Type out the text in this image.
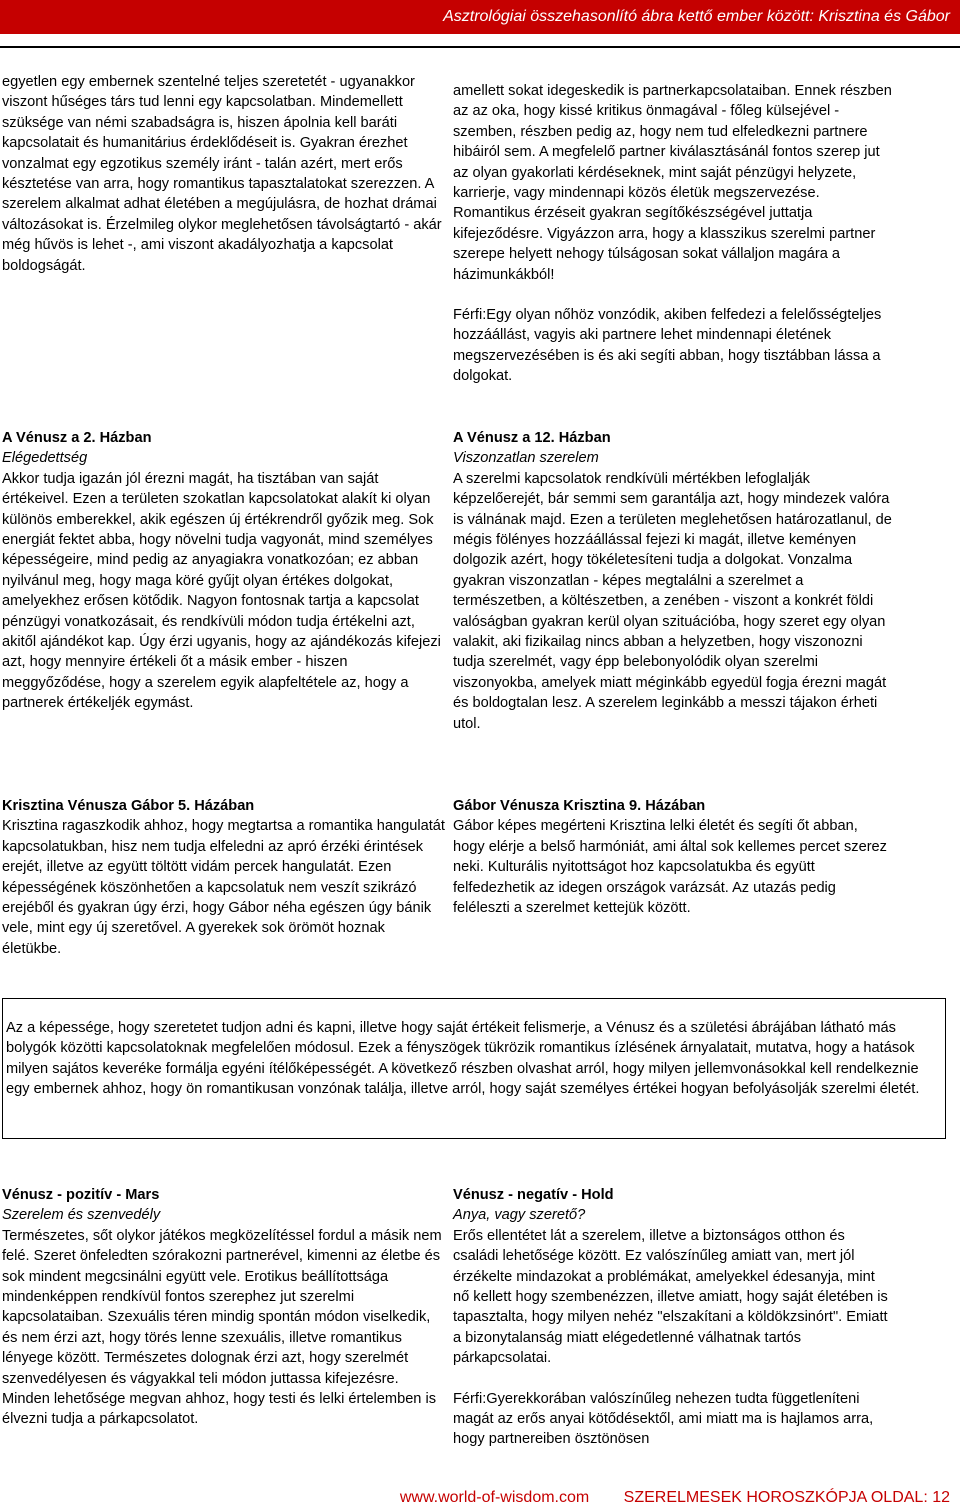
Asztrológiai összehasonlító ábra kettő ember között: Krisztina és Gábor

egyetlen egy embernek szentelné teljes szeretetét - ugyanakkor viszont hűséges társ tud lenni egy kapcsolatban. Mindemellett szüksége van némi szabadságra is, hiszen ápolnia kell baráti kapcsolatait és humanitárius érdeklődéseit is. Gyakran érezhet vonzalmat egy egzotikus személy iránt - talán azért, mert erős késztetése van arra, hogy romantikus tapasztalatokat szerezzen. A szerelem alkalmat adhat életében a megújulásra, de hozhat drámai változásokat is. Érzelmileg olykor meglehetősen távolságtartó - akár még hűvös is lehet -, ami viszont akadályozhatja a kapcsolat boldogságát.

A Vénusz a 2. Házban

Elégedettség

Akkor tudja igazán jól érezni magát, ha tisztában van saját értékeivel. Ezen a területen szokatlan kapcsolatokat alakít ki olyan különös emberekkel, akik egészen új értékrendről győzik meg. Sok energiát fektet abba, hogy növelni tudja vagyonát, mind személyes képességeire, mind pedig az anyagiakra vonatkozóan; ez abban nyilvánul meg, hogy maga köré gyűjt olyan értékes dolgokat, amelyekhez erősen kötődik. Nagyon fontosnak tartja a kapcsolat pénzügyi vonatkozásait, és rendkívüli módon tudja értékelni azt, akitől ajándékot kap. Úgy érzi ugyanis, hogy az ajándékozás kifejezi azt, hogy mennyire értékeli őt a másik ember - hiszen meggyőződése, hogy a szerelem egyik alapfeltétele az, hogy a partnerek értékeljék egymást.

Krisztina Vénusza Gábor 5. Házában

Krisztina ragaszkodik ahhoz, hogy megtartsa a romantika hangulatát kapcsolatukban, hisz nem tudja elfeledni az apró érzéki érintések erejét, illetve az együtt töltött vidám percek hangulatát. Ezen képességének köszönhetően a kapcsolatuk nem veszít szikrázó erejéből és gyakran úgy érzi, hogy Gábor néha egészen úgy bánik vele, mint egy új szeretővel. A gyerekek sok örömöt hoznak életükbe.

amellett sokat idegeskedik is partnerkapcsolataiban. Ennek részben az az oka, hogy kissé kritikus önmagával - főleg külsejével - szemben, részben pedig az, hogy nem tud elfeledkezni partnere hibáiról sem. A megfelelő partner kiválasztásánál fontos szerep jut az olyan gyakorlati kérdéseknek, mint saját pénzügyi helyzete, karrierje, vagy mindennapi közös életük megszervezése. Romantikus érzéseit gyakran segítőkészségével juttatja kifejeződésre. Vigyázzon arra, hogy a klasszikus szerelmi partner szerepe helyett nehogy túlságosan sokat vállaljon magára a házimunkákból!

Férfi:Egy olyan nőhöz vonzódik, akiben felfedezi a felelősségteljes hozzáállást, vagyis aki partnere lehet mindennapi életének megszervezésében is és aki segíti abban, hogy tisztábban lássa a dolgokat.

A Vénusz a 12. Házban

Viszonzatlan szerelem

A szerelmi kapcsolatok rendkívüli mértékben lefoglalják képzelőerejét, bár semmi sem garantálja azt, hogy mindezek valóra is válnának majd. Ezen a területen meglehetősen határozatlanul, de mégis fölényes hozzáállással fejezi ki magát, illetve keményen dolgozik azért, hogy tökéletesíteni tudja a dolgokat. Vonzalma gyakran viszonzatlan - képes megtalálni a szerelmet a természetben, a költészetben, a zenében - viszont a konkrét földi valóságban gyakran kerül olyan szituációba, hogy szeret egy olyan valakit, aki fizikailag nincs abban a helyzetben, hogy viszonozni tudja szerelmét, vagy épp belebonyolódik olyan szerelmi viszonyokba, amelyek miatt méginkább egyedül fogja érezni magát és boldogtalan lesz. A szerelem leginkább a messzi tájakon érheti utol.

Gábor Vénusza Krisztina 9. Házában

Gábor képes megérteni Krisztina lelki életét és segíti őt abban, hogy elérje a belső harmóniát, ami által sok kellemes percet szerez neki. Kulturális nyitottságot hoz kapcsolatukba és együtt felfedezhetik az idegen országok varázsát. Az utazás pedig feléleszti a szerelmet kettejük között.

Az a képessége, hogy szeretetet tudjon adni és kapni, illetve hogy saját értékeit felismerje, a Vénusz és a születési ábrájában látható más bolygók közötti kapcsolatoknak megfelelően módosul. Ezek a fényszögek tükrözik romantikus ízlésének árnyalatait, mutatva, hogy a hatások milyen sajátos keveréke formálja egyéni ítélőképességét. A következő részben olvashat arról, hogy milyen jellemvonásokkal kell rendelkeznie egy embernek ahhoz, hogy ön romantikusan vonzónak találja, illetve arról, hogy saját személyes értékei hogyan befolyásolják szerelmi életét.

Vénusz - pozitív - Mars

Szerelem és szenvedély

Természetes, sőt olykor játékos megközelítéssel fordul a másik nem felé. Szeret önfeledten szórakozni partnerével, kimenni az életbe és sok mindent megcsinálni együtt vele. Erotikus beállítottsága mindenképpen rendkívül fontos szerephez jut szerelmi kapcsolataiban. Szexuális téren mindig spontán módon viselkedik, és nem érzi azt, hogy törés lenne szexuális, illetve romantikus lényege között. Természetes dolognak érzi azt, hogy szerelmét szenvedélyesen és vágyakkal teli módon juttassa kifejezésre. Minden lehetősége megvan ahhoz, hogy testi és lelki értelemben is élvezni tudja a párkapcsolatot.

Vénusz - negatív - Hold

Anya, vagy szerető?

Erős ellentétet lát a szerelem, illetve a biztonságos otthon és családi lehetősége között. Ez valószínűleg amiatt van, mert jól érzékelte mindazokat a problémákat, amelyekkel édesanyja, mint nő kellett hogy szembenézzen, illetve amiatt, hogy saját életében is tapasztalta, hogy milyen nehéz "elszakítani a köldökzsinórt". Emiatt a bizonytalanság miatt elégedetlenné válhatnak tartós párkapcsolatai.

Férfi:Gyerekkorában valószínűleg nehezen tudta függetleníteni magát az erős anyai kötődésektől, ami miatt ma is hajlamos arra, hogy partnereiben ösztönösen

www.world-of-wisdom.com SZERELMESEK HOROSZKÓPJA OLDAL: 12
